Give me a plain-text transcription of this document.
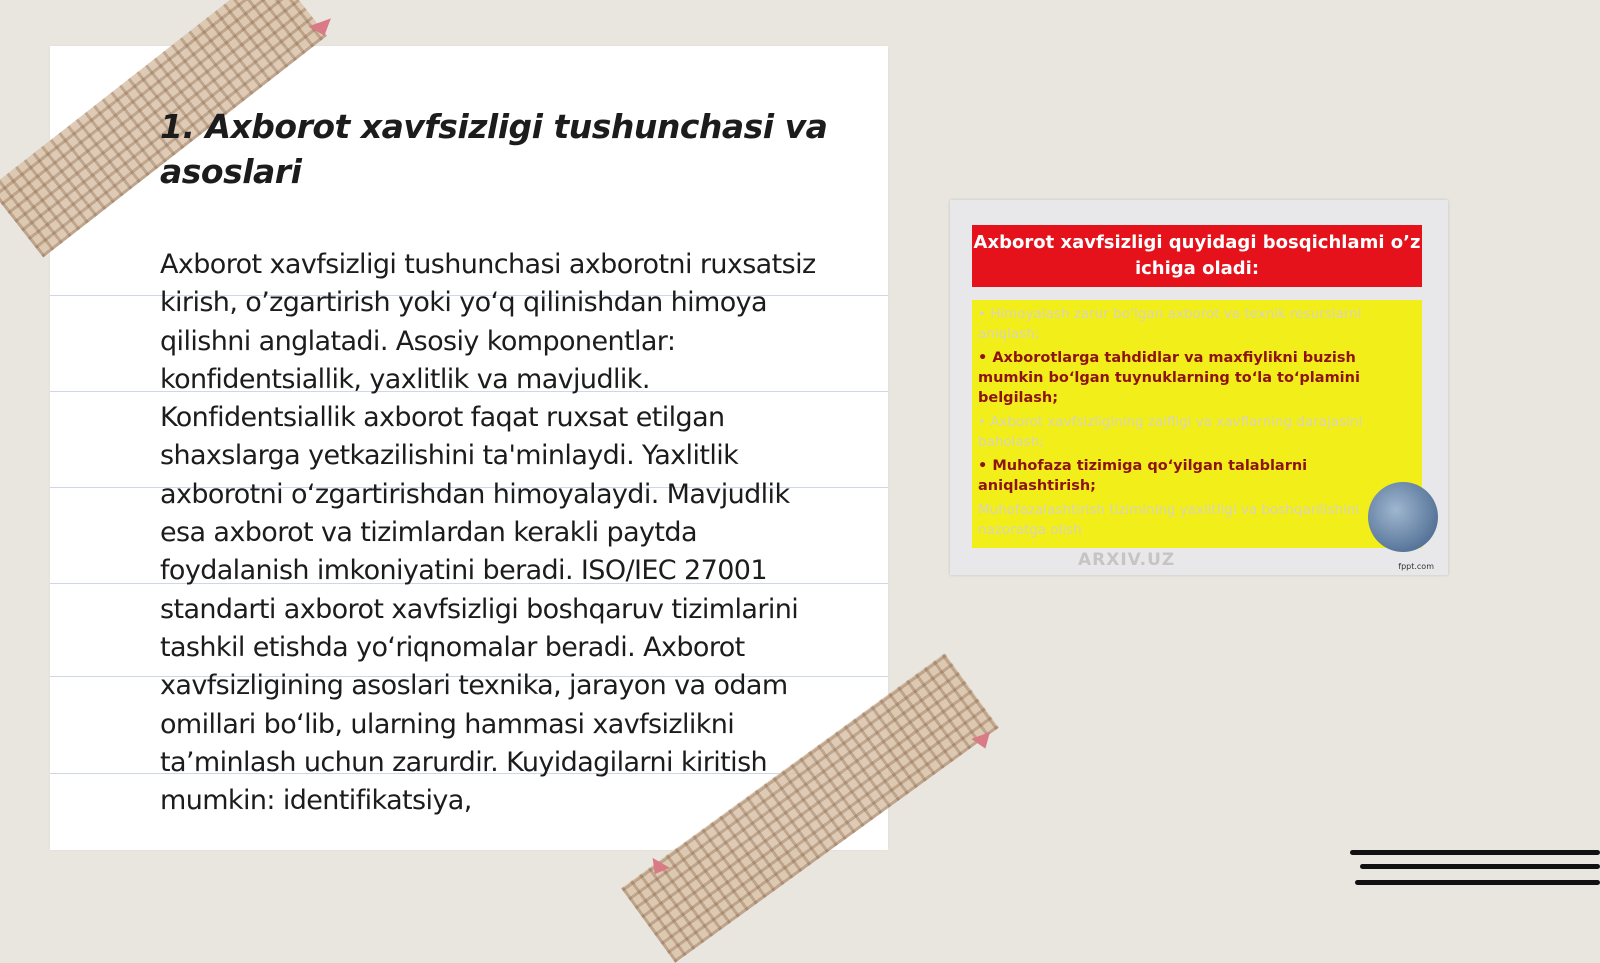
1. Axborot xavfsizligi tushunchasi va asoslari

Axborot xavfsizligi tushunchasi axborotni ruxsatsiz kirish, o’zgartirish yoki yo‘q qilinishdan himoya qilishni anglatadi. Asosiy komponentlar: konfidentsiallik, yaxlitlik va mavjudlik. Konfidentsiallik axborot faqat ruxsat etilgan shaxslarga yetkazilishini ta'minlaydi. Yaxlitlik axborotni o‘zgartirishdan himoyalaydi. Mavjudlik esa axborot va tizimlardan kerakli paytda foydalanish imkoniyatini beradi. ISO/IEC 27001 standarti axborot xavfsizligi boshqaruv tizimlarini tashkil etishda yo‘riqnomalar beradi. Axborot xavfsizligining asoslari texnika, jarayon va odam omillari bo‘lib, ularning hammasi xavfsizlikni ta’minlash uchun zarurdir. Kuyidagilarni kiritish mumkin: identifikatsiya,

Axborot xavfsizligi quyidagi bosqichlami o’z ichiga oladi:
• Himoyalash zarur bo’lgan axborot va texnik resurslarni aniqlash;
• Axborotlarga tahdidlar va maxfiylikni buzish mumkin bo‘lgan tuynuklarning to‘la to‘plamini belgilash;
• Axborot xavfsizligining zaifligi va xavflarning darajasini baholash;
• Muhofaza tizimiga qo‘yilgan talablarni aniqlashtirish;
Muhofazalashtirish tizimining yaxlitligi va boshqarilishini nazoratga olish
ARXIV.UZ	fppt.com
